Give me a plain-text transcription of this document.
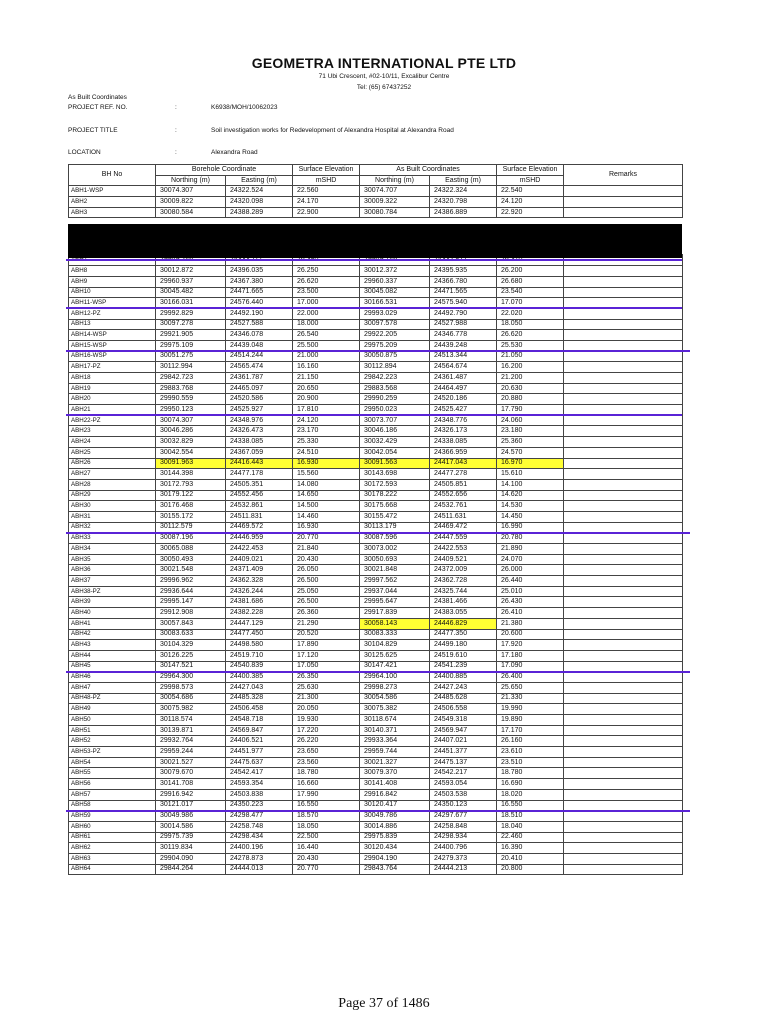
GEOMETRA INTERNATIONAL PTE LTD
71 Ubi Crescent, #02-10/11, Excalibur Centre
Tel: (65) 67437252
As Built Coordinates
PROJECT REF. NO.	:	K6938/MOH/10062023
PROJECT TITLE	:	Soil investigation works for Redevelopment of Alexandra Hospital at Alexandra Road
LOCATION	:	Alexandra Road
BH No	Borehole Coordinate		Surface Elevation	As Built Coordinates		Surface Elevation	Remarks
	Northing (m)	Easting (m)	mSHD	Northing (m)	Easting (m)	mSHD	
ABH1-WSP	30074.307	24322.524	22.560	30074.707	24322.324	22.540	
ABH2	30009.822	24320.098	24.170	30009.322	24320.798	24.120	
ABH3	30080.584	24388.289	22.900	30080.784	24386.889	22.920	

ABH8	30012.872	24396.035	26.250	30012.372	24395.935	26.200	
ABH9	29960.937	24367.380	26.620	29960.337	24366.780	26.680	
ABH10	30045.482	24471.665	23.500	30045.082	24471.565	23.540	
ABH11-WSP	30166.031	24576.440	17.000	30166.531	24575.940	17.070	
ABH12-PZ	29992.829	24492.190	22.000	29993.029	24492.790	22.020	
ABH13	30097.278	24527.588	18.000	30097.578	24527.988	18.050	
ABH14-WSP	29921.905	24346.078	26.540	29922.205	24346.778	26.620	
ABH15-WSP	29975.109	24439.048	25.500	29975.209	24439.248	25.530	
ABH16-WSP	30051.275	24514.244	21.000	30050.875	24513.344	21.050	
ABH17-PZ	30112.994	24565.474	16.160	30112.894	24564.674	16.200	
ABH18	29842.723	24361.787	21.150	29842.223	24361.487	21.200	
ABH19	29883.768	24465.097	20.650	29883.568	24464.497	20.630	
ABH20	29990.559	24520.586	20.900	29990.259	24520.186	20.880	
ABH21	29950.123	24525.927	17.810	29950.023	24525.427	17.790	
ABH22-PZ	30074.307	24348.976	24.120	30073.707	24348.776	24.060	
ABH23	30046.286	24326.473	23.170	30046.186	24326.173	23.180	
ABH24	30032.829	24338.085	25.330	30032.429	24338.085	25.360	
ABH25	30042.554	24367.059	24.510	30042.054	24366.959	24.570	
ABH26	30091.963	24416.443	16.930	30091.563	24417.043	16.970	
ABH27	30144.398	24477.178	15.560	30143.698	24477.278	15.610	
ABH28	30172.793	24505.351	14.080	30172.593	24505.851	14.100	
ABH29	30179.122	24552.456	14.650	30178.222	24552.656	14.620	
ABH30	30176.468	24532.861	14.500	30175.668	24532.761	14.530	
ABH31	30155.172	24511.831	14.460	30155.472	24511.631	14.450	
ABH32	30112.579	24469.572	16.930	30113.179	24469.472	16.990	
ABH33	30087.196	24446.959	20.770	30087.596	24447.559	20.780	
ABH34	30065.088	24422.453	21.840	30073.002	24422.553	21.890	
ABH35	30050.493	24409.021	20.430	30050.693	24409.521	24.070	
ABH36	30021.548	24371.409	26.050	30021.848	24372.009	26.000	
ABH37	29996.962	24362.328	26.500	29997.562	24362.728	26.440	
ABH38-PZ	29936.644	24326.244	25.050	29937.044	24325.744	25.010	
ABH39	29995.147	24381.686	26.500	29995.647	24381.466	26.430	
ABH40	29912.908	24382.228	26.360	29917.839	24383.055	26.410	
ABH41	30057.843	24447.129	21.290	30058.143	24446.829	21.380	
ABH42	30083.633	24477.450	20.520	30083.333	24477.350	20.600	
ABH43	30104.329	24498.580	17.890	30104.829	24499.180	17.920	
ABH44	30126.225	24519.710	17.120	30125.625	24519.610	17.180	
ABH45	30147.521	24540.839	17.050	30147.421	24541.239	17.090	
ABH46	29964.300	24400.385	26.350	29964.100	24400.885	26.400	
ABH47	29998.573	24427.043	25.630	29998.273	24427.243	25.650	
ABH48-PZ	30054.686	24485.328	21.300	30054.586	24485.628	21.330	
ABH49	30075.982	24506.458	20.050	30075.382	24506.558	19.990	
ABH50	30118.574	24548.718	19.930	30118.674	24549.318	19.890	
ABH51	30139.871	24569.847	17.220	30140.371	24569.947	17.170	
ABH52	29932.764	24406.521	26.220	29933.364	24407.021	26.160	
ABH53-PZ	29959.244	24451.977	23.650	29959.744	24451.377	23.610	
ABH54	30021.527	24475.637	23.560	30021.327	24475.137	23.510	
ABH55	30079.670	24542.417	18.780	30079.370	24542.217	18.780	
ABH56	30141.708	24593.354	16.660	30141.408	24593.054	16.690	
ABH57	29916.942	24503.838	17.990	29916.842	24503.538	18.020	
ABH58	30121.017	24350.223	16.550	30120.417	24350.123	16.550	
ABH59	30049.986	24298.477	18.570	30049.786	24297.677	18.510	
ABH60	30014.586	24258.748	18.050	30014.886	24258.848	18.040	
ABH61	29975.739	24298.434	22.500	29975.839	24298.934	22.460	
ABH62	30119.834	24400.196	16.440	30120.434	24400.796	16.390	
ABH63	29904.090	24278.873	20.430	29904.190	24279.373	20.410	
ABH64	29844.264	24444.013	20.770	29843.764	24444.213	20.800	
Page 37 of 1486
